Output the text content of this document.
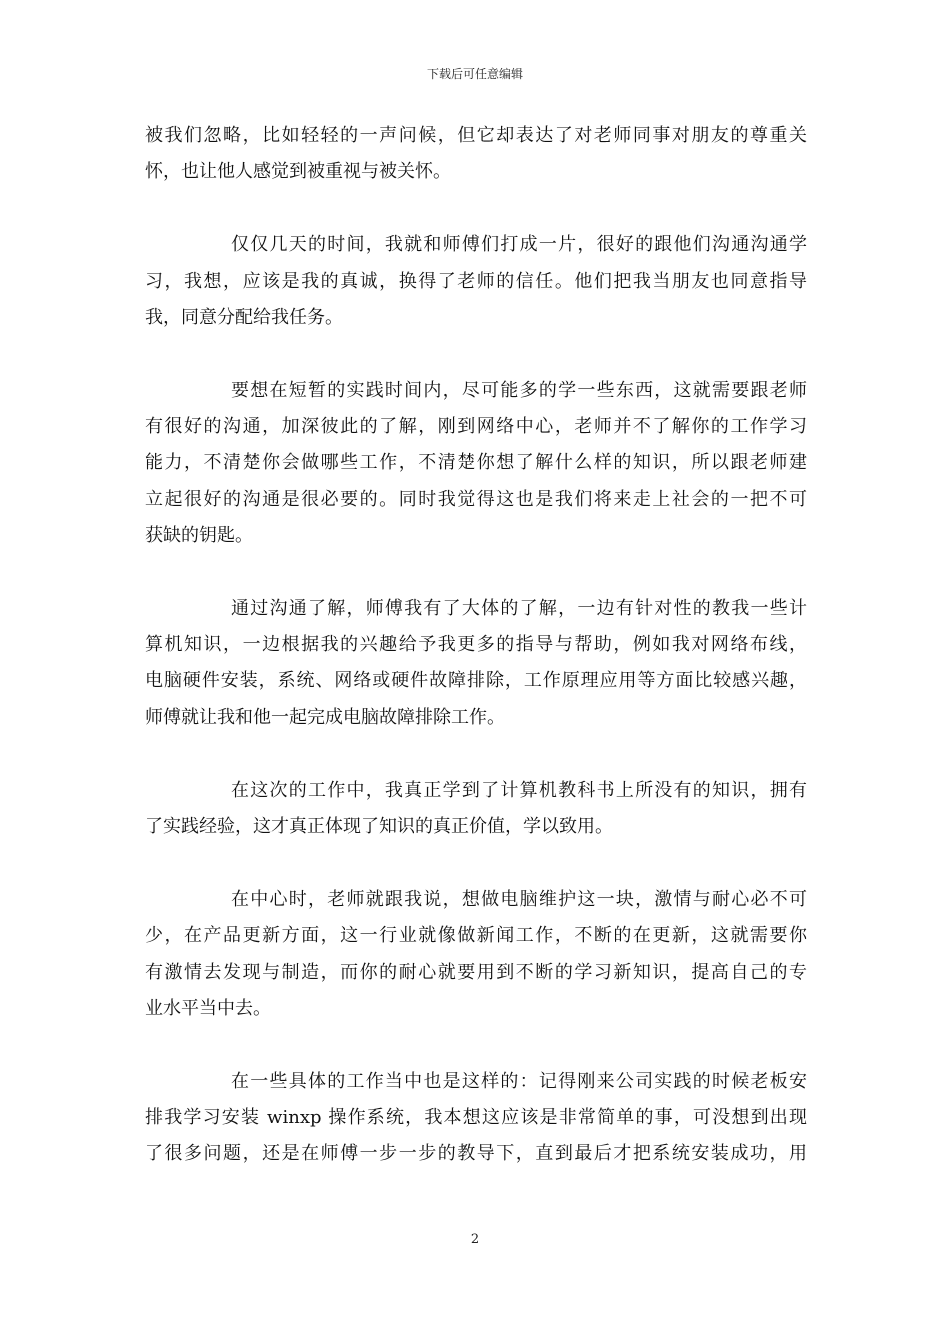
下载后可任意编辑

被我们忽略，比如轻轻的一声问候，但它却表达了对老师同事对朋友的尊重关
怀，也让他人感觉到被重视与被关怀。

仅仅几天的时间，我就和师傅们打成一片，很好的跟他们沟通沟通学
习，我想，应该是我的真诚，换得了老师的信任。他们把我当朋友也同意指导
我，同意分配给我任务。

要想在短暂的实践时间内，尽可能多的学一些东西，这就需要跟老师
有很好的沟通，加深彼此的了解，刚到网络中心，老师并不了解你的工作学习
能力，不清楚你会做哪些工作，不清楚你想了解什么样的知识，所以跟老师建
立起很好的沟通是很必要的。同时我觉得这也是我们将来走上社会的一把不可
获缺的钥匙。

通过沟通了解，师傅我有了大体的了解，一边有针对性的教我一些计
算机知识，一边根据我的兴趣给予我更多的指导与帮助，例如我对网络布线，
电脑硬件安装，系统、网络或硬件故障排除，工作原理应用等方面比较感兴趣，
师傅就让我和他一起完成电脑故障排除工作。

在这次的工作中，我真正学到了计算机教科书上所没有的知识，拥有
了实践经验，这才真正体现了知识的真正价值，学以致用。

在中心时，老师就跟我说，想做电脑维护这一块，激情与耐心必不可
少，在产品更新方面，这一行业就像做新闻工作，不断的在更新，这就需要你
有激情去发现与制造，而你的耐心就要用到不断的学习新知识，提高自己的专
业水平当中去。

在一些具体的工作当中也是这样的：记得刚来公司实践的时候老板安
排我学习安装 winxp 操作系统，我本想这应该是非常简单的事，可没想到出现
了很多问题，还是在师傅一步一步的教导下，直到最后才把系统安装成功，用

2
